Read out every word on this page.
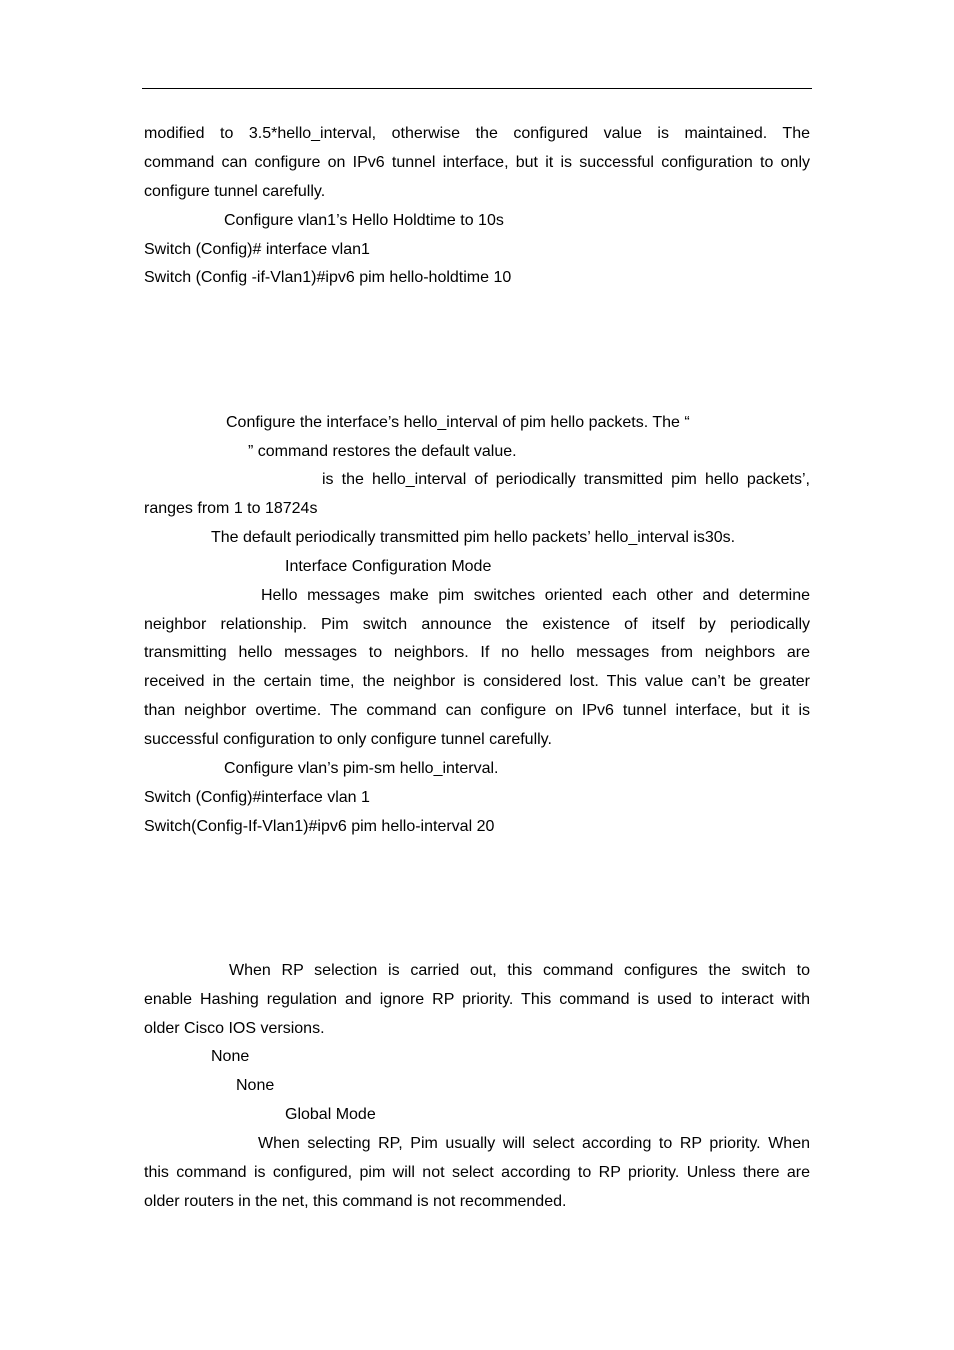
modified to 3.5*hello_interval, otherwise the configured value is maintained. The
command can configure on IPv6 tunnel interface, but it is successful configuration to only
configure tunnel carefully.
Configure vlan1’s Hello Holdtime to 10s
Switch (Config)# interface vlan1
Switch (Config -if-Vlan1)#ipv6 pim hello-holdtime 10
Configure the interface’s hello_interval of pim hello packets. The “
” command restores the default value.
is the hello_interval of periodically transmitted pim hello packets’,
ranges from 1 to 18724s
The default periodically transmitted pim hello packets’ hello_interval is30s.
Interface Configuration Mode
Hello messages make pim switches oriented each other and determine
neighbor relationship. Pim switch announce the existence of itself by periodically
transmitting hello messages to neighbors. If no hello messages from neighbors are
received in the certain time, the neighbor is considered lost. This value can’t be greater
than neighbor overtime. The command can configure on IPv6 tunnel interface, but it is
successful configuration to only configure tunnel carefully.
Configure vlan’s pim-sm hello_interval.
Switch (Config)#interface vlan 1
Switch(Config-If-Vlan1)#ipv6 pim hello-interval 20
When RP selection is carried out, this command configures the switch to
enable Hashing regulation and ignore RP priority. This command is used to interact with
older Cisco IOS versions.
None
None
Global Mode
When selecting RP, Pim usually will select according to RP priority. When
this command is configured, pim will not select according to RP priority. Unless there are
older routers in the net, this command is not recommended.
